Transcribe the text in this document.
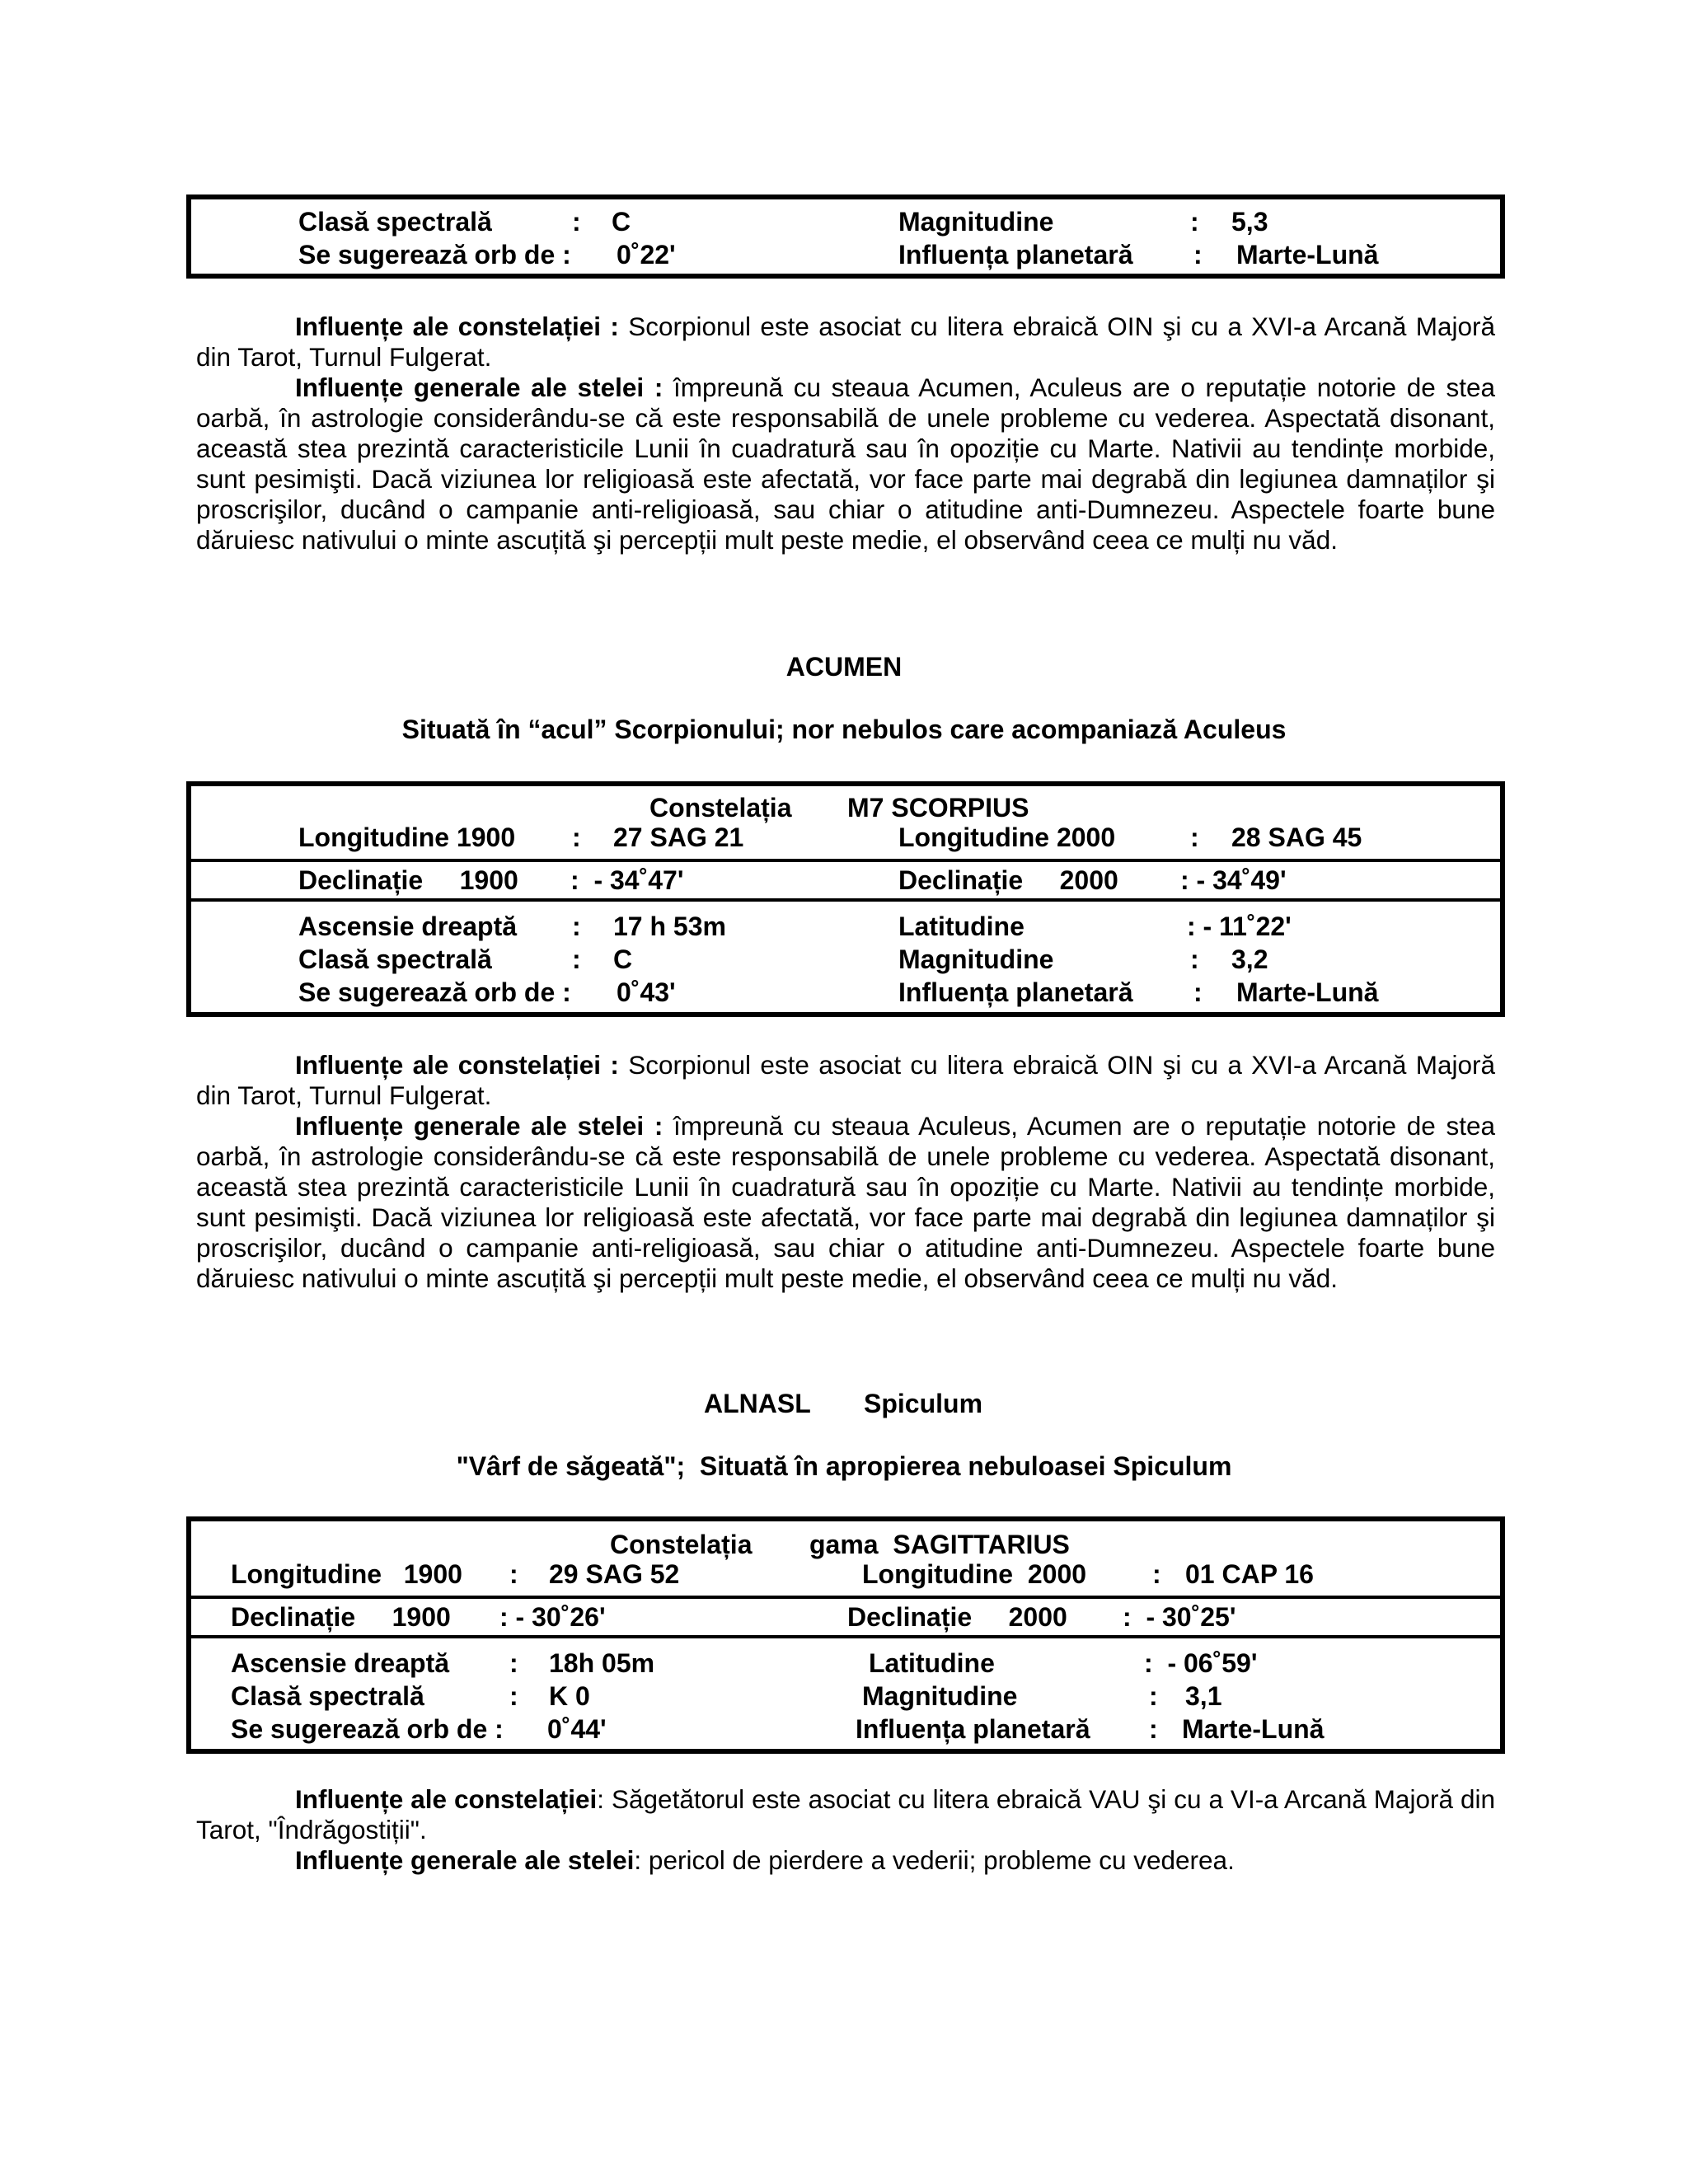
Clasă spectrală	: C	Magnitudine	: 5,3
Se sugerează orb de : 0˚22ʹ	Influența planetară : Marte-Lună

Influențe ale constelației : Scorpionul este asociat cu litera ebraică OIN şi cu a XVI-a Arcană Majoră din Tarot, Turnul Fulgerat.

Influențe generale ale stelei : împreună cu steaua Acumen, Aculeus are o reputație notorie de stea oarbă, în astrologie considerându-se că este responsabilă de unele probleme cu vederea. Aspectată disonant, această stea prezintă caracteristicile Lunii în cuadratură sau în opoziție cu Marte. Nativii au tendințe morbide, sunt pesimişti. Dacă viziunea lor religioasă este afectată, vor face parte mai degrabă din legiunea damnaților şi proscrişilor, ducând o campanie anti-religioasă, sau chiar o atitudine anti-Dumnezeu. Aspectele foarte bune dăruiesc nativului o minte ascuțită şi percepții mult peste medie, el observând ceea ce mulți nu văd.

ACUMEN
Situată în “acul” Scorpionului; nor nebulos care acompaniază Aculeus
Constelația M7 SCORPIUS
Longitudine 1900 : 27 SAG 21	Longitudine 2000	: 28 SAG 45
Declinație     1900 :  - 34˚47ʹ	Declinație     2000 : - 34˚49ʹ
Ascensie dreaptă : 17 h 53m	Latitudine	: - 11˚22ʹ
Clasă spectrală	: C	Magnitudine	: 3,2
Se sugerează orb de : 0˚43ʹ	Influența planetară : Marte-Lună

Influențe ale constelației : Scorpionul este asociat cu litera ebraică OIN şi cu a XVI-a Arcană Majoră din Tarot, Turnul Fulgerat.

Influențe generale ale stelei : împreună cu steaua Aculeus, Acumen are o reputație notorie de stea oarbă, în astrologie considerându-se că este responsabilă de unele probleme cu vederea. Aspectată disonant, această stea prezintă caracteristicile Lunii în cuadratură sau în opoziție cu Marte. Nativii au tendințe morbide, sunt pesimişti. Dacă viziunea lor religioasă este afectată, vor face parte mai degrabă din legiunea damnaților şi proscrişilor, ducând o campanie anti-religioasă, sau chiar o atitudine anti-Dumnezeu. Aspectele foarte bune dăruiesc nativului o minte ascuțită şi percepții mult peste medie, el observând ceea ce mulți nu văd.

ALNASL Spiculum
"Vârf de săgeată";  Situată în apropierea nebuloasei Spiculum
Constelația gama  SAGITTARIUS
Longitudine   1900 : 29 SAG 52	Longitudine  2000 : 01 CAP 16
Declinație     1900 : - 30˚26ʹ	Declinație     2000 :  - 30˚25ʹ
Ascensie dreaptă : 18h 05m	Latitudine	:  - 06˚59ʹ
Clasă spectrală	: K 0	Magnitudine	: 3,1
Se sugerează orb de : 0˚44ʹ	Influența planetară : Marte-Lună

Influențe ale constelației: Săgetătorul este asociat cu litera ebraică VAU şi cu a VI-a Arcană Majoră din Tarot, "Îndrăgostiții".

Influențe generale ale stelei: pericol de pierdere a vederii; probleme cu vederea.
